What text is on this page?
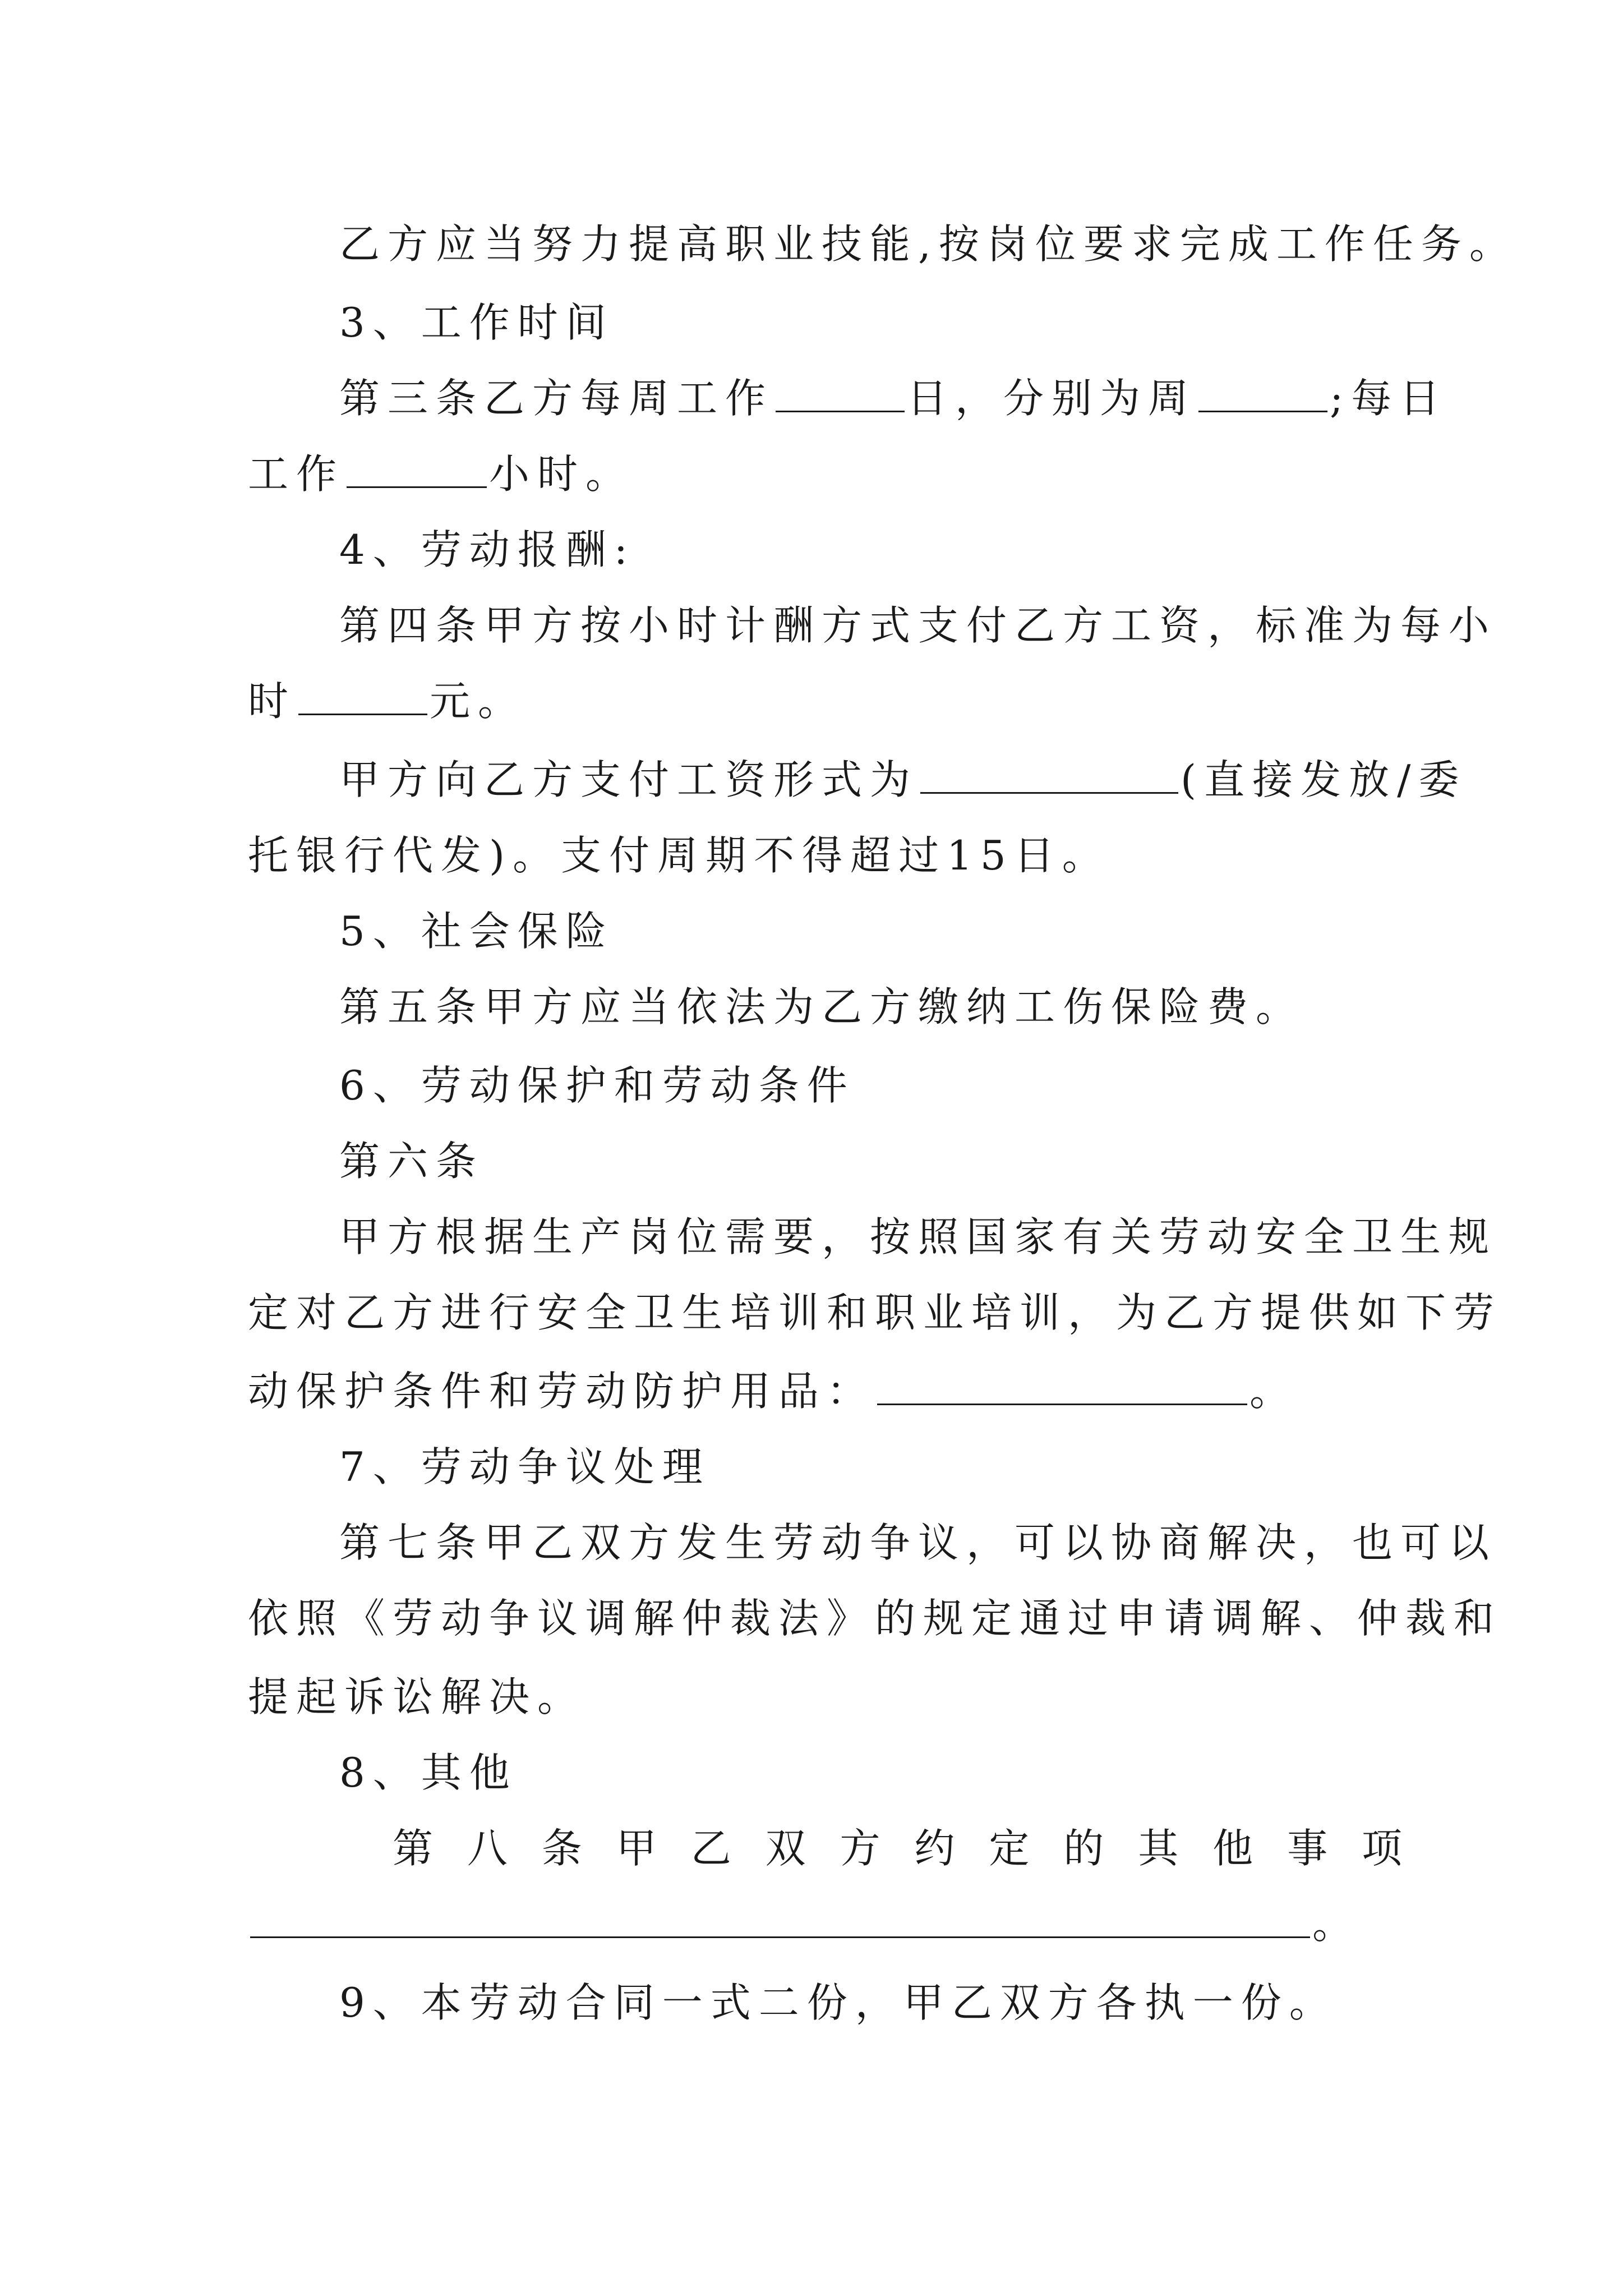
乙方应当努力提高职业技能,按岗位要求完成工作任务。
3、工作时间
第三条乙方每周工作	日，分别为周	;每日
工作	小时。
4、劳动报酬:
第四条甲方按小时计酬方式支付乙方工资，标准为每小
时	元。
甲方向乙方支付工资形式为	(直接发放/委
托银行代发)。支付周期不得超过15日。
5、社会保险
第五条甲方应当依法为乙方缴纳工伤保险费。
6、劳动保护和劳动条件
第六条
甲方根据生产岗位需要，按照国家有关劳动安全卫生规
定对乙方进行安全卫生培训和职业培训，为乙方提供如下劳
动保护条件和劳动防护用品：	。
7、劳动争议处理
第七条甲乙双方发生劳动争议，可以协商解决，也可以
依照《劳动争议调解仲裁法》的规定通过申请调解、仲裁和
提起诉讼解决。
8、其他
第 八 条 甲 乙 双 方 约 定 的 其 他 事 项
。
9、本劳动合同一式二份，甲乙双方各执一份。
